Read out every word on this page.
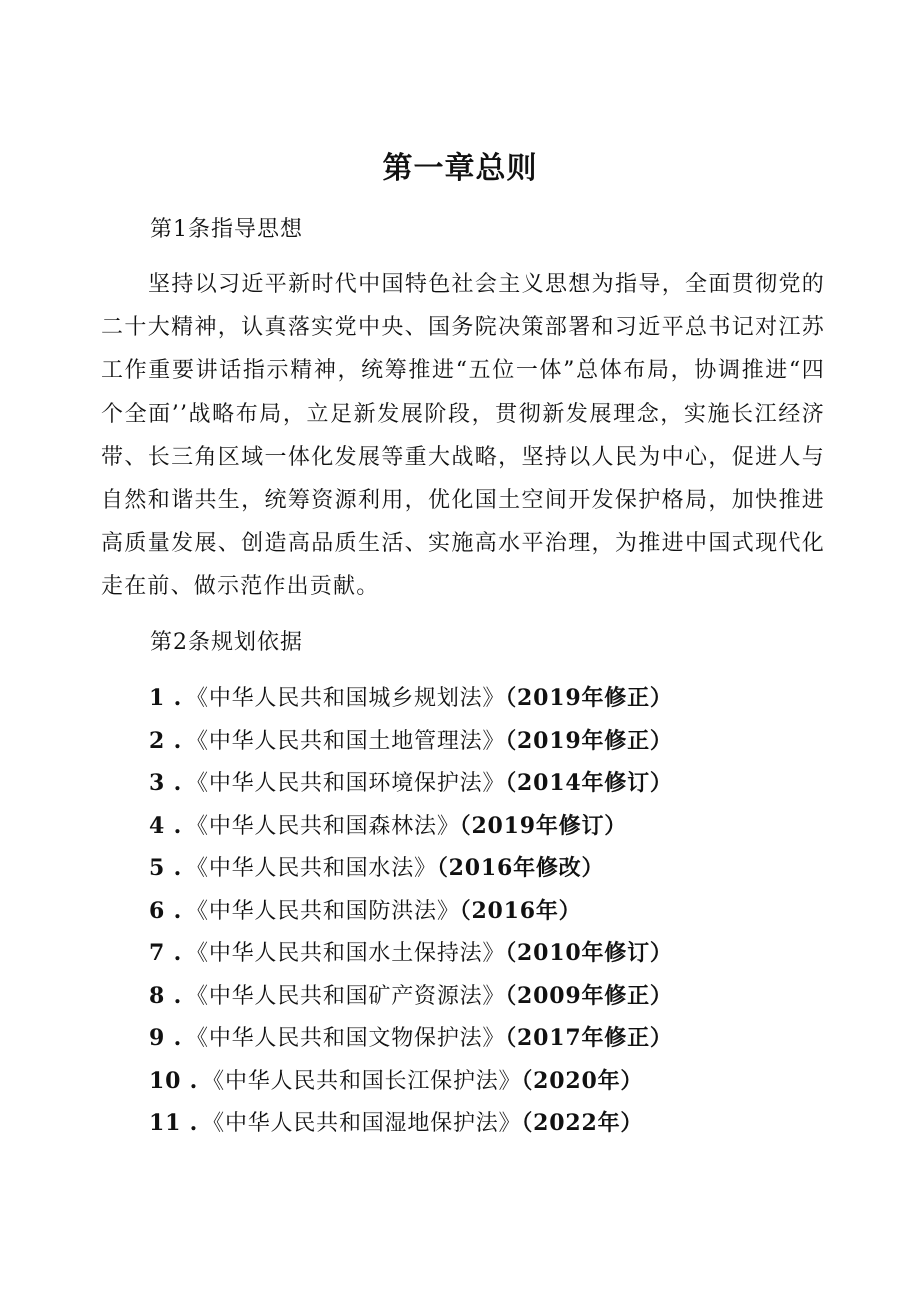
第一章总则
第1条指导思想

坚持以习近平新时代中国特色社会主义思想为指导，全面贯彻党的二十大精神，认真落实党中央、国务院决策部署和习近平总书记对江苏工作重要讲话指示精神，统筹推进“五位一体”总体布局，协调推进“四个全面’’战略布局，立足新发展阶段，贯彻新发展理念，实施长江经济带、长三角区域一体化发展等重大战略，坚持以人民为中心，促进人与自然和谐共生，统筹资源利用，优化国土空间开发保护格局，加快推进高质量发展、创造高品质生活、实施高水平治理，为推进中国式现代化走在前、做示范作出贡献。

第2条规划依据
1 . 《中华人民共和国城乡规划法》（2019年修正）
2 . 《中华人民共和国土地管理法》（2019年修正）
3 . 《中华人民共和国环境保护法》（2014年修订）
4 . 《中华人民共和国森林法》（2019年修订）
5 . 《中华人民共和国水法》（2016年修改）
6 . 《中华人民共和国防洪法》（2016年）
7 . 《中华人民共和国水土保持法》（2010年修订）
8 . 《中华人民共和国矿产资源法》（2009年修正）
9 . 《中华人民共和国文物保护法》（2017年修正）
10 . 《中华人民共和国长江保护法》（2020年）
11 . 《中华人民共和国湿地保护法》（2022年）
